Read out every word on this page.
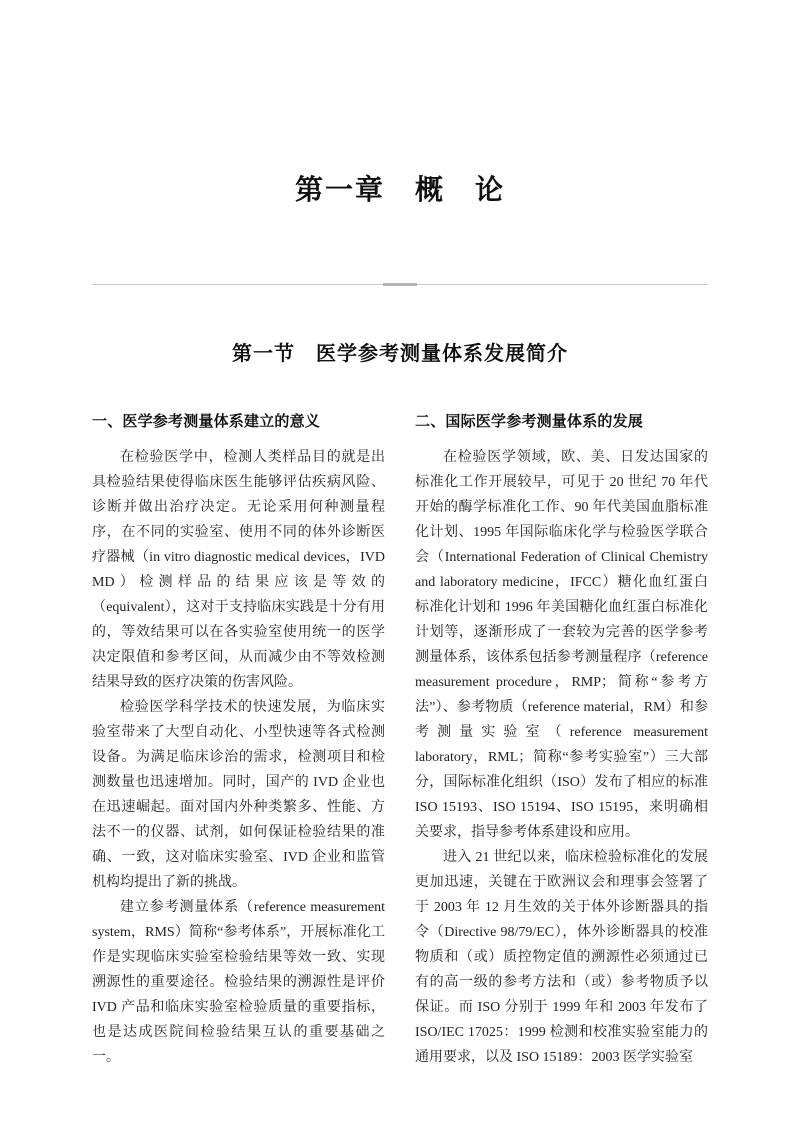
第一章　概　论
第一节　医学参考测量体系发展简介
一、医学参考测量体系建立的意义

在检验医学中，检测人类样品目的就是出具检验结果使得临床医生能够评估疾病风险、诊断并做出治疗决定。无论采用何种测量程序，在不同的实验室、使用不同的体外诊断医疗器械（in vitro diagnostic medical devices，IVD MD）检测样品的结果应该是等效的（equivalent），这对于支持临床实践是十分有用的，等效结果可以在各实验室使用统一的医学决定限值和参考区间，从而减少由不等效检测结果导致的医疗决策的伤害风险。

检验医学科学技术的快速发展，为临床实验室带来了大型自动化、小型快速等各式检测设备。为满足临床诊治的需求，检测项目和检测数量也迅速增加。同时，国产的 IVD 企业也在迅速崛起。面对国内外种类繁多、性能、方法不一的仪器、试剂，如何保证检验结果的准确、一致，这对临床实验室、IVD 企业和监管机构均提出了新的挑战。

建立参考测量体系（reference measurement system，RMS）简称“参考体系”，开展标准化工作是实现临床实验室检验结果等效一致、实现溯源性的重要途径。检验结果的溯源性是评价 IVD 产品和临床实验室检验质量的重要指标，也是达成医院间检验结果互认的重要基础之一。

二、国际医学参考测量体系的发展

在检验医学领域，欧、美、日发达国家的标准化工作开展较早，可见于 20 世纪 70 年代开始的酶学标准化工作、90 年代美国血脂标准化计划、1995 年国际临床化学与检验医学联合会（International Federation of Clinical Chemistry and laboratory medicine，IFCC）糖化血红蛋白标准化计划和 1996 年美国糖化血红蛋白标准化计划等，逐渐形成了一套较为完善的医学参考测量体系，该体系包括参考测量程序（reference measurement procedure，RMP；简称“参考方法”）、参考物质（reference material，RM）和参考测量实验室（reference measurement laboratory，RML；简称“参考实验室”）三大部分，国际标准化组织（ISO）发布了相应的标准 ISO 15193、ISO 15194、ISO 15195，来明确相关要求，指导参考体系建设和应用。

进入 21 世纪以来，临床检验标准化的发展更加迅速，关键在于欧洲议会和理事会签署了于 2003 年 12 月生效的关于体外诊断器具的指令（Directive 98/79/EC），体外诊断器具的校准物质和（或）质控物定值的溯源性必须通过已有的高一级的参考方法和（或）参考物质予以保证。而 ISO 分别于 1999 年和 2003 年发布了 ISO/IEC 17025：1999 检测和校准实验室能力的通用要求，以及 ISO 15189：2003 医学实验室
